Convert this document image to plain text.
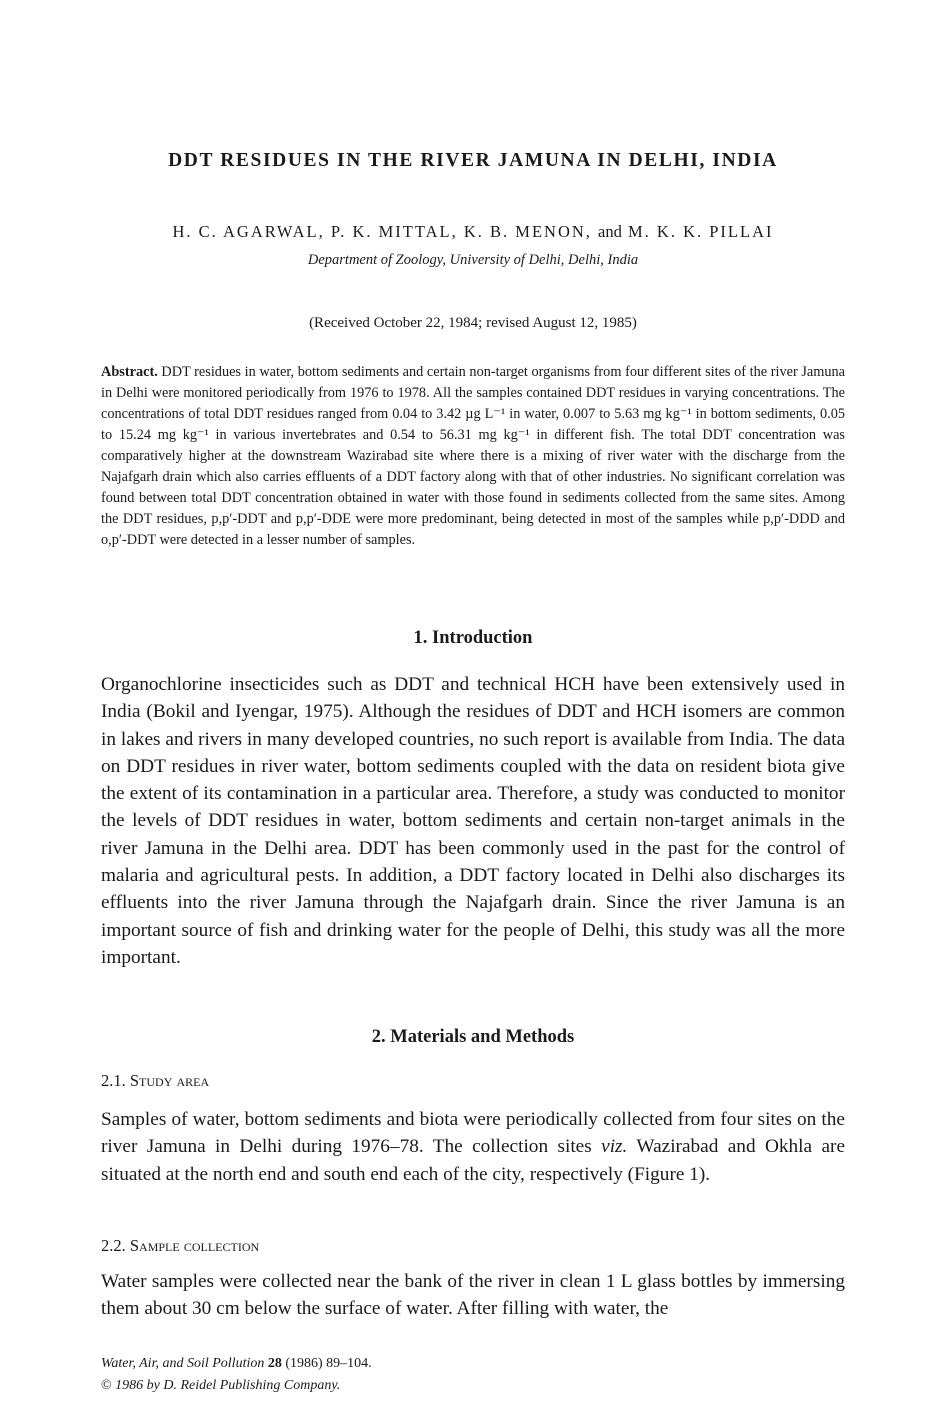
DDT RESIDUES IN THE RIVER JAMUNA IN DELHI, INDIA
H. C. AGARWAL, P. K. MITTAL, K. B. MENON, and M. K. K. PILLAI
Department of Zoology, University of Delhi, Delhi, India
(Received October 22, 1984; revised August 12, 1985)
Abstract. DDT residues in water, bottom sediments and certain non-target organisms from four different sites of the river Jamuna in Delhi were monitored periodically from 1976 to 1978. All the samples contained DDT residues in varying concentrations. The concentrations of total DDT residues ranged from 0.04 to 3.42 µg L⁻¹ in water, 0.007 to 5.63 mg kg⁻¹ in bottom sediments, 0.05 to 15.24 mg kg⁻¹ in various invertebrates and 0.54 to 56.31 mg kg⁻¹ in different fish. The total DDT concentration was comparatively higher at the downstream Wazirabad site where there is a mixing of river water with the discharge from the Najafgarh drain which also carries effluents of a DDT factory along with that of other industries. No significant correlation was found between total DDT concentration obtained in water with those found in sediments collected from the same sites. Among the DDT residues, p,p′-DDT and p,p′-DDE were more predominant, being detected in most of the samples while p,p′-DDD and o,p′-DDT were detected in a lesser number of samples.
1. Introduction
Organochlorine insecticides such as DDT and technical HCH have been extensively used in India (Bokil and Iyengar, 1975). Although the residues of DDT and HCH isomers are common in lakes and rivers in many developed countries, no such report is available from India. The data on DDT residues in river water, bottom sediments coupled with the data on resident biota give the extent of its contamination in a particular area. Therefore, a study was conducted to monitor the levels of DDT residues in water, bottom sediments and certain non-target animals in the river Jamuna in the Delhi area. DDT has been commonly used in the past for the control of malaria and agricultural pests. In addition, a DDT factory located in Delhi also discharges its effluents into the river Jamuna through the Najafgarh drain. Since the river Jamuna is an important source of fish and drinking water for the people of Delhi, this study was all the more important.
2. Materials and Methods
2.1. Study area
Samples of water, bottom sediments and biota were periodically collected from four sites on the river Jamuna in Delhi during 1976–78. The collection sites viz. Wazirabad and Okhla are situated at the north end and south end each of the city, respectively (Figure 1).
2.2. Sample collection
Water samples were collected near the bank of the river in clean 1 L glass bottles by immersing them about 30 cm below the surface of water. After filling with water, the
Water, Air, and Soil Pollution 28 (1986) 89–104.
© 1986 by D. Reidel Publishing Company.
